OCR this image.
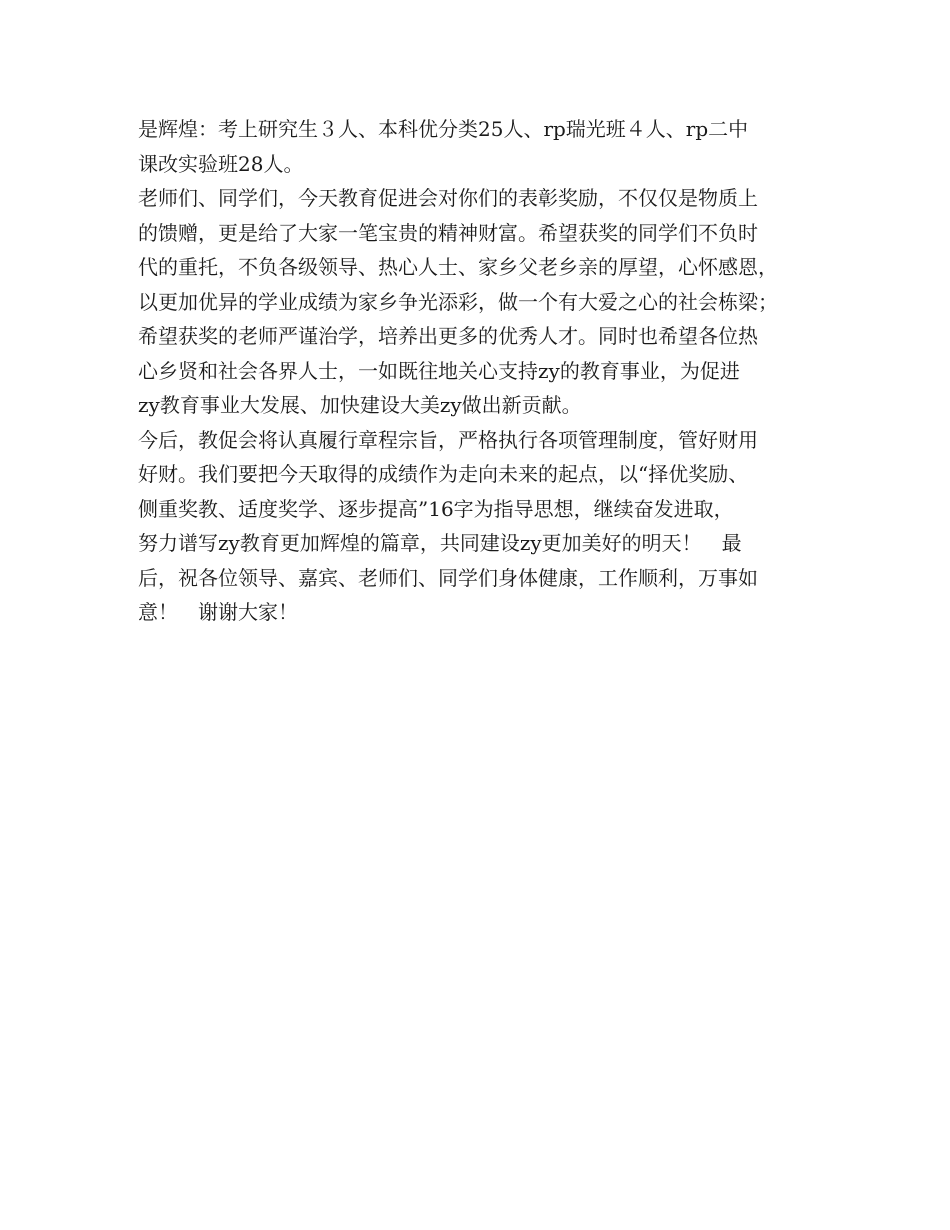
是辉煌：考上研究生３人、本科优分类25人、rp瑞光班４人、rp二中
课改实验班28人。
老师们、同学们，今天教育促进会对你们的表彰奖励，不仅仅是物质上
的馈赠，更是给了大家一笔宝贵的精神财富。希望获奖的同学们不负时
代的重托，不负各级领导、热心人士、家乡父老乡亲的厚望，心怀感恩，
以更加优异的学业成绩为家乡争光添彩，做一个有大爱之心的社会栋梁；
希望获奖的老师严谨治学，培养出更多的优秀人才。同时也希望各位热
心乡贤和社会各界人士，一如既往地关心支持zy的教育事业，为促进
zy教育事业大发展、加快建设大美zy做出新贡献。
今后，教促会将认真履行章程宗旨，严格执行各项管理制度，管好财用
好财。我们要把今天取得的成绩作为走向未来的起点，以“择优奖励、
侧重奖教、适度奖学、逐步提高”16字为指导思想，继续奋发进取，
努力谱写zy教育更加辉煌的篇章，共同建设zy更加美好的明天！　最
后，祝各位领导、嘉宾、老师们、同学们身体健康，工作顺利，万事如
意！　谢谢大家！
